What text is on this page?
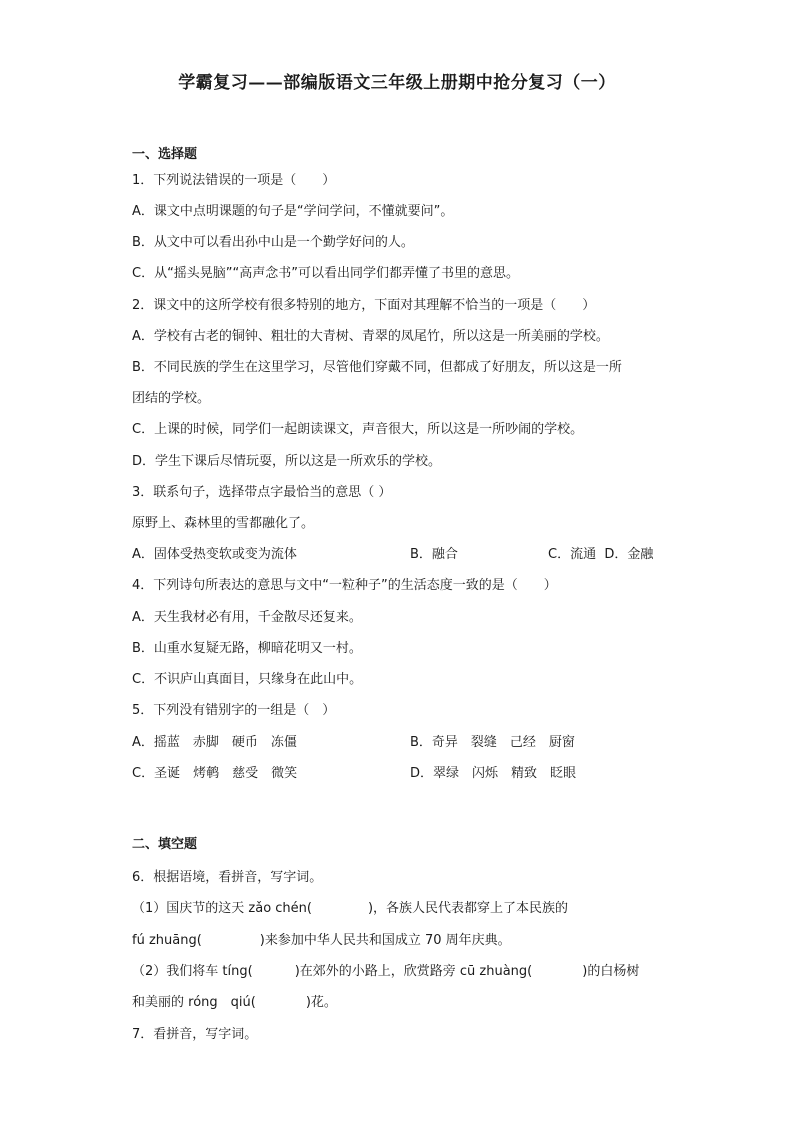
学霸复习——部编版语文三年级上册期中抢分复习（一）
一、选择题
1．下列说法错误的一项是（　　）
A．课文中点明课题的句子是“学问学问，不懂就要问”。
B．从文中可以看出孙中山是一个勤学好问的人。
C．从“摇头晃脑”“高声念书”可以看出同学们都弄懂了书里的意思。
2．课文中的这所学校有很多特别的地方，下面对其理解不恰当的一项是（　　）
A．学校有古老的铜钟、粗壮的大青树、青翠的凤尾竹，所以这是一所美丽的学校。
B．不同民族的学生在这里学习，尽管他们穿戴不同，但都成了好朋友，所以这是一所
团结的学校。
C．上课的时候，同学们一起朗读课文，声音很大，所以这是一所吵闹的学校。
D．学生下课后尽情玩耍，所以这是一所欢乐的学校。
3．联系句子，选择带点字最恰当的意思（ ）
原野上、森林里的雪都融化了。
A．固体受热变软或变为流体	B．融合	C．流通  D．金融
4．下列诗句所表达的意思与文中“一粒种子”的生活态度一致的是（　　）
A．天生我材必有用，千金散尽还复来。
B．山重水复疑无路，柳暗花明又一村。
C．不识庐山真面目，只缘身在此山中。
5．下列没有错别字的一组是（　）
A．摇蓝　赤脚　硬币　冻僵	B．奇异　裂缝　己经　厨窗
C．圣诞　烤鹌　慈受　微笑	D．翠绿　闪烁　精致　眨眼
二、填空题
6．根据语境，看拼音，写字词。
（1）国庆节的这天 zǎo chén(	)，各族人民代表都穿上了本民族的
fú zhuāng(	)来参加中华人民共和国成立 70 周年庆典。
（2）我们将车 tíng(	)在郊外的小路上，欣赏路旁 cū zhuàng(	)的白杨树
和美丽的 róng　qiú(	)花。
7．看拼音，写字词。
